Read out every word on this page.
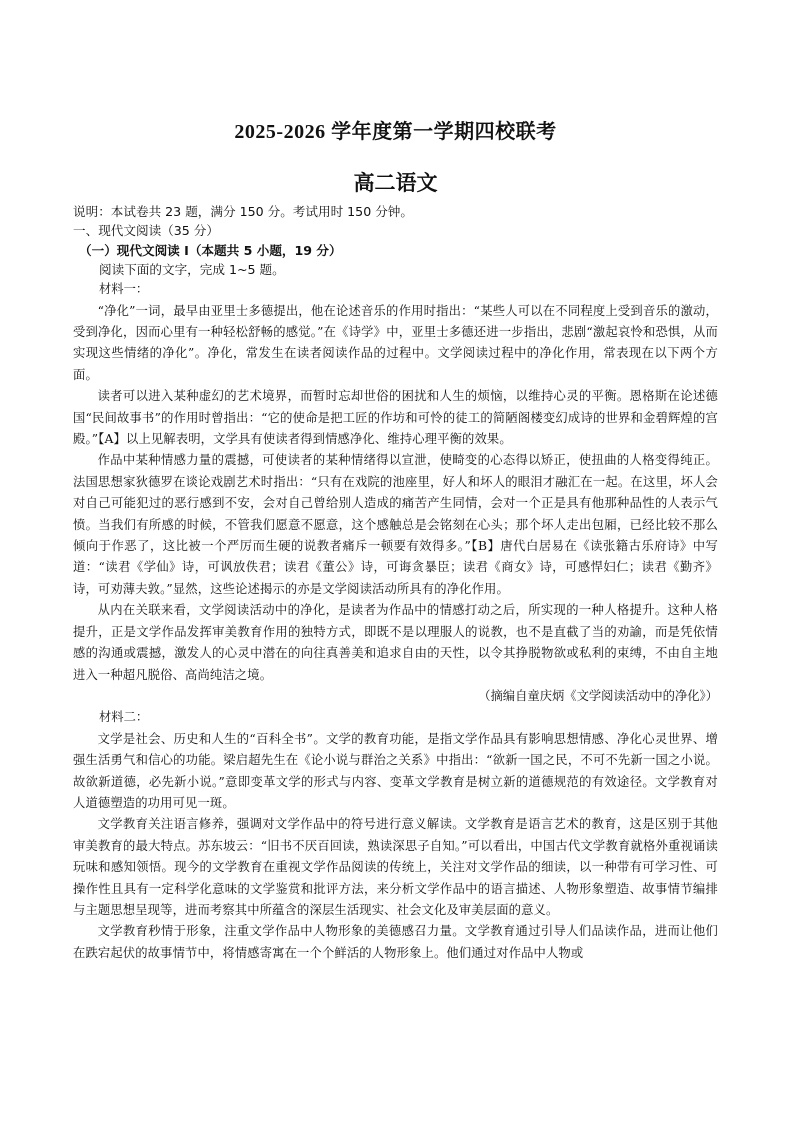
2025-2026 学年度第一学期四校联考
高二语文

说明：本试卷共 23 题，满分 150 分。考试用时 150 分钟。

一、现代文阅读（35 分）

（一）现代文阅读 I（本题共 5 小题，19 分）

阅读下面的文字，完成 1~5 题。

材料一：

“净化”一词，最早由亚里士多德提出，他在论述音乐的作用时指出：“某些人可以在不同程度上受到音乐的激动，受到净化，因而心里有一种轻松舒畅的感觉。”在《诗学》中，亚里士多德还进一步指出，悲剧“激起哀怜和恐惧，从而实现这些情绪的净化”。净化，常发生在读者阅读作品的过程中。文学阅读过程中的净化作用，常表现在以下两个方面。

读者可以进入某种虚幻的艺术境界，而暂时忘却世俗的困扰和人生的烦恼，以维持心灵的平衡。恩格斯在论述德国“民间故事书”的作用时曾指出：“它的使命是把工匠的作坊和可怜的徒工的简陋阁楼变幻成诗的世界和金碧辉煌的宫殿。”【A】以上见解表明，文学具有使读者得到情感净化、维持心理平衡的效果。

作品中某种情感力量的震撼，可使读者的某种情绪得以宣泄，使畸变的心态得以矫正，使扭曲的人格变得纯正。法国思想家狄德罗在谈论戏剧艺术时指出：“只有在戏院的池座里，好人和坏人的眼泪才融汇在一起。在这里，坏人会对自己可能犯过的恶行感到不安，会对自己曾给别人造成的痛苦产生同情，会对一个正是具有他那种品性的人表示气愤。当我们有所感的时候，不管我们愿意不愿意，这个感触总是会铭刻在心头；那个坏人走出包厢，已经比较不那么倾向于作恶了，这比被一个严厉而生硬的说教者痛斥一顿要有效得多。”【B】唐代白居易在《读张籍古乐府诗》中写道：“读君《学仙》诗，可讽放佚君；读君《董公》诗，可诲贪暴臣；读君《商女》诗，可感悍妇仁；读君《勤齐》诗，可劝薄夫敦。”显然，这些论述揭示的亦是文学阅读活动所具有的净化作用。

从内在关联来看，文学阅读活动中的净化，是读者为作品中的情感打动之后，所实现的一种人格提升。这种人格提升，正是文学作品发挥审美教育作用的独特方式，即既不是以理服人的说教，也不是直截了当的劝諭，而是凭依情感的沟通或震撼，激发人的心灵中潜在的向往真善美和追求自由的天性，以令其挣脱物欲或私利的束缚，不由自主地进入一种超凡脱俗、高尚纯洁之境。

（摘编自童庆炳《文学阅读活动中的净化》）

材料二：

文学是社会、历史和人生的“百科全书”。文学的教育功能，是指文学作品具有影响思想情感、净化心灵世界、增强生活勇气和信心的功能。梁启超先生在《论小说与群治之关系》中指出：“欲新一国之民，不可不先新一国之小说。故欲新道德，必先新小说。”意即变革文学的形式与内容、变革文学教育是树立新的道德规范的有效途径。文学教育对人道德塑造的功用可见一斑。

文学教育关注语言修养，强调对文学作品中的符号进行意义解读。文学教育是语言艺术的教育，这是区别于其他审美教育的最大特点。苏东坡云：“旧书不厌百回读，熟读深思子自知。”可以看出，中国古代文学教育就格外重视诵读玩味和感知领悟。现今的文学教育在重视文学作品阅读的传统上，关注对文学作品的细读，以一种带有可学习性、可操作性且具有一定科学化意味的文学鉴赏和批评方法，来分析文学作品中的语言描述、人物形象塑造、故事情节编排与主题思想呈现等，进而考察其中所蕴含的深层生活现实、社会文化及审美层面的意义。

文学教育秒情于形象，注重文学作品中人物形象的美德感召力量。文学教育通过引导人们品读作品，进而让他们在跌宕起伏的故事情节中，将情感寄寓在一个个鲜活的人物形象上。他们通过对作品中人物或
